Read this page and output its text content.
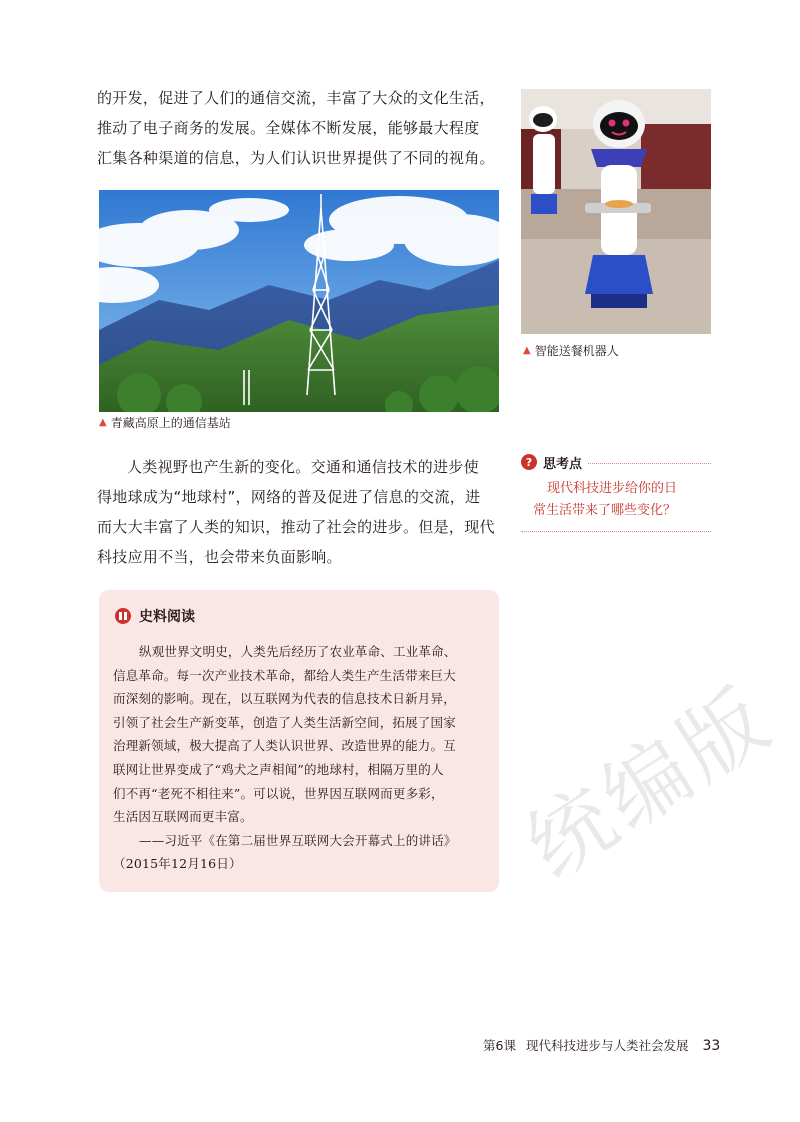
的开发，促进了人们的通信交流，丰富了大众的文化生活，
推动了电子商务的发展。全媒体不断发展，能够最大程度
汇集各种渠道的信息，为人们认识世界提供了不同的视角。

▲ 青藏高原上的通信基站
▲ 智能送餐机器人

人类视野也产生新的变化。交通和通信技术的进步使
得地球成为“地球村”，网络的普及促进了信息的交流，进
而大大丰富了人类的知识，推动了社会的进步。但是，现代
科技应用不当，也会带来负面影响。

? 思考点
现代科技进步给你的日
常生活带来了哪些变化？
史料阅读
纵观世界文明史，人类先后经历了农业革命、工业革命、
信息革命。每一次产业技术革命，都给人类生产生活带来巨大
而深刻的影响。现在，以互联网为代表的信息技术日新月异，
引领了社会生产新变革，创造了人类生活新空间，拓展了国家
治理新领域，极大提高了人类认识世界、改造世界的能力。互
联网让世界变成了“鸡犬之声相闻”的地球村，相隔万里的人
们不再“老死不相往来”。可以说，世界因互联网而更多彩，
生活因互联网而更丰富。
——习近平《在第二届世界互联网大会开幕式上的讲话》
（2015年12月16日）	统编版
第6课 现代科技进步与人类社会发展 33
